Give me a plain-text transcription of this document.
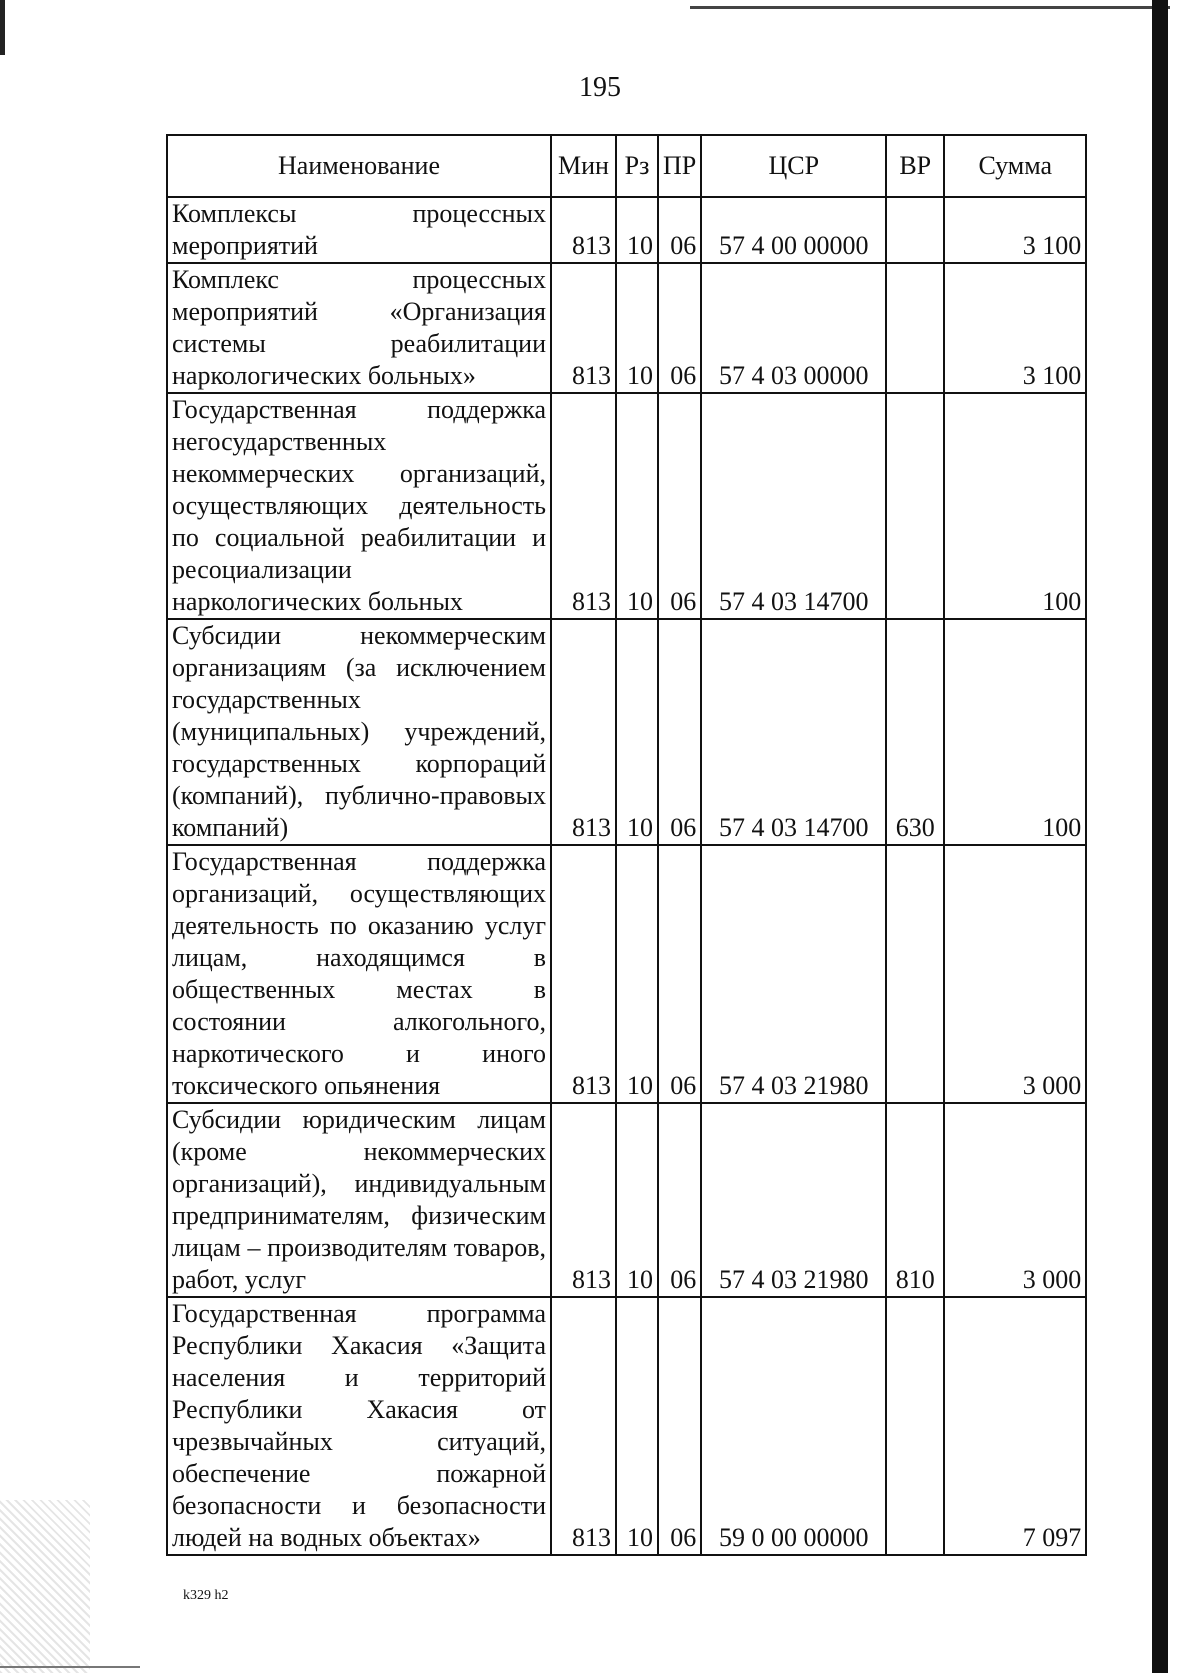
195
Наименование	Мин	Рз	ПР	ЦСР	ВР	Сумма
Комплексы процессных мероприятий	813	10	06	57 4 00 00000		3 100
Комплекс процессных мероприятий «Организация системы реабилитации наркологических больных»	813	10	06	57 4 03 00000		3 100
Государственная поддержка негосударственных некоммерческих организаций, осуществляющих деятельность по социальной реабилитации и ресоциализации наркологических больных	813	10	06	57 4 03 14700		100
Субсидии некоммерческим организациям (за исключением государственных (муниципальных) учреждений, государственных корпораций (компаний), публично-правовых компаний)	813	10	06	57 4 03 14700	630	100
Государственная поддержка организаций, осуществляющих деятельность по оказанию услуг лицам, находящимся в общественных местах в состоянии алкогольного, наркотического и иного токсического опьянения	813	10	06	57 4 03 21980		3 000
Субсидии юридическим лицам (кроме некоммерческих организаций), индивидуальным предпринимателям, физическим лицам – производителям товаров, работ, услуг	813	10	06	57 4 03 21980	810	3 000
Государственная программа Республики Хакасия «Защита населения и территорий Республики Хакасия от чрезвычайных ситуаций, обеспечение пожарной безопасности и безопасности людей на водных объектах»	813	10	06	59 0 00 00000		7 097
k329 h2
